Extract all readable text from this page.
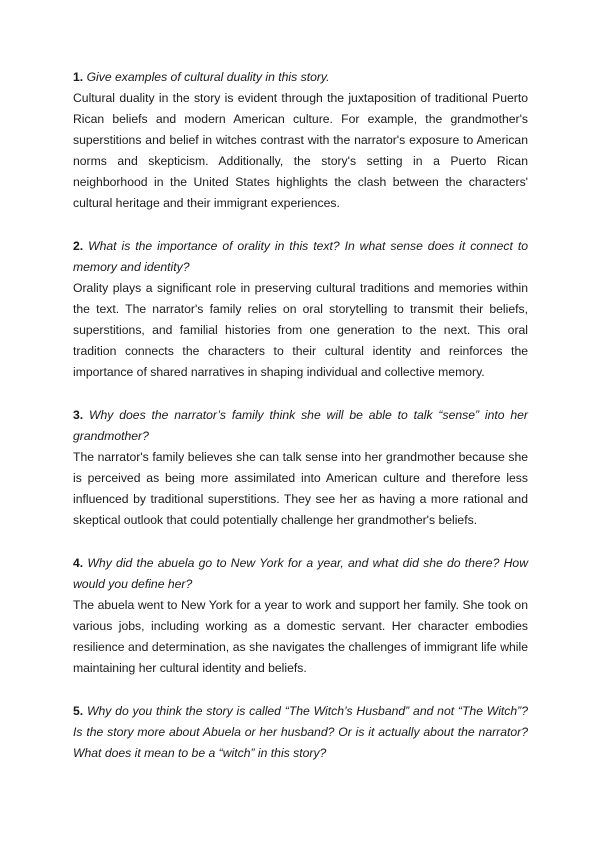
1. Give examples of cultural duality in this story.

Cultural duality in the story is evident through the juxtaposition of traditional Puerto Rican beliefs and modern American culture. For example, the grandmother's superstitions and belief in witches contrast with the narrator's exposure to American norms and skepticism. Additionally, the story's setting in a Puerto Rican neighborhood in the United States highlights the clash between the characters' cultural heritage and their immigrant experiences.

2. What is the importance of orality in this text? In what sense does it connect to memory and identity?

Orality plays a significant role in preserving cultural traditions and memories within the text. The narrator's family relies on oral storytelling to transmit their beliefs, superstitions, and familial histories from one generation to the next. This oral tradition connects the characters to their cultural identity and reinforces the importance of shared narratives in shaping individual and collective memory.

3. Why does the narrator’s family think she will be able to talk “sense” into her grandmother?

The narrator's family believes she can talk sense into her grandmother because she is perceived as being more assimilated into American culture and therefore less influenced by traditional superstitions. They see her as having a more rational and skeptical outlook that could potentially challenge her grandmother's beliefs.

4. Why did the abuela go to New York for a year, and what did she do there? How would you define her?

The abuela went to New York for a year to work and support her family. She took on various jobs, including working as a domestic servant. Her character embodies resilience and determination, as she navigates the challenges of immigrant life while maintaining her cultural identity and beliefs.

5. Why do you think the story is called “The Witch’s Husband” and not “The Witch”? Is the story more about Abuela or her husband? Or is it actually about the narrator? What does it mean to be a “witch” in this story?
